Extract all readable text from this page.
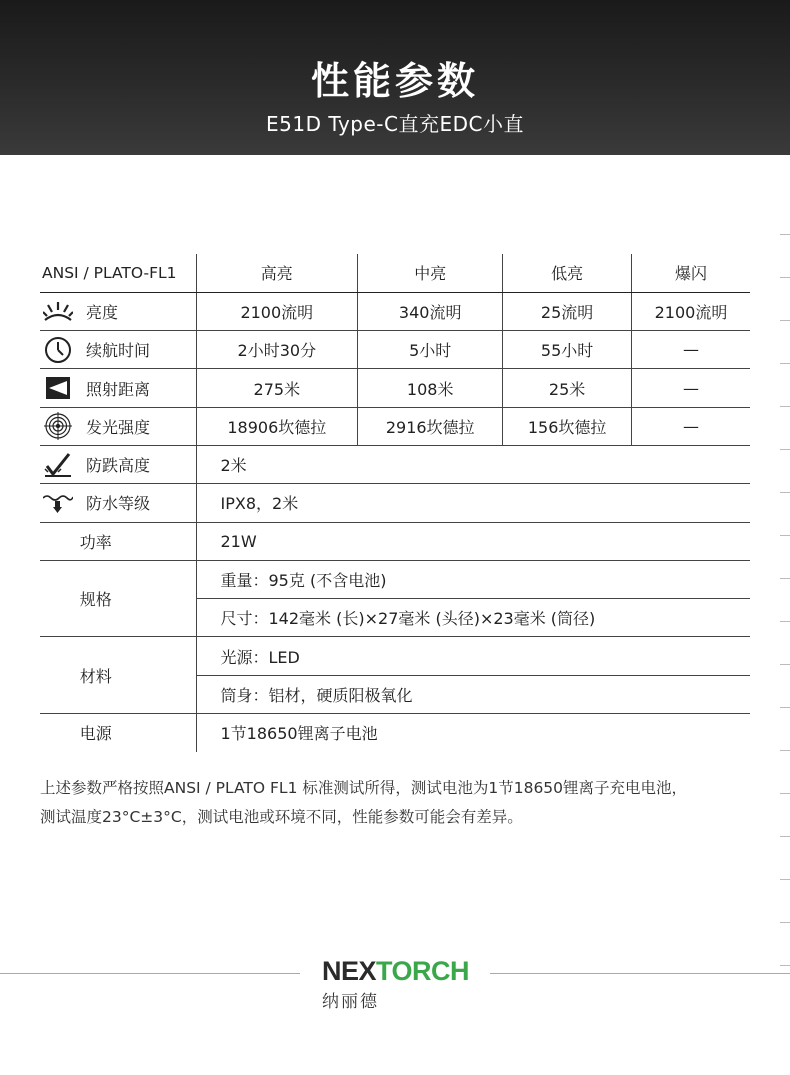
性能参数
E51D Type-C直充EDC小直
ANSI / PLATO-FL1	高亮	中亮	低亮	爆闪

亮度	2100流明	340流明	25流明	2100流明

续航时间	2小时30分	5小时	55小时	—

照射距离	275米	108米	25米	—

发光强度	18906坎德拉	2916坎德拉	156坎德拉	—

防跌高度	2米			

防水等级	IPX8，2米			
功率	21W			
规格	重量：95克 (不含电池)			
	尺寸：142毫米 (长)×27毫米 (头径)×23毫米 (筒径)			
材料	光源：LED			
	筒身：铝材，硬质阳极氧化			
电源	1节18650锂离子电池			
上述参数严格按照ANSI / PLATO FL1 标准测试所得，测试电池为1节18650锂离子充电电池，
测试温度23°C±3°C，测试电池或环境不同，性能参数可能会有差异。
NEXTORCH
纳丽德
